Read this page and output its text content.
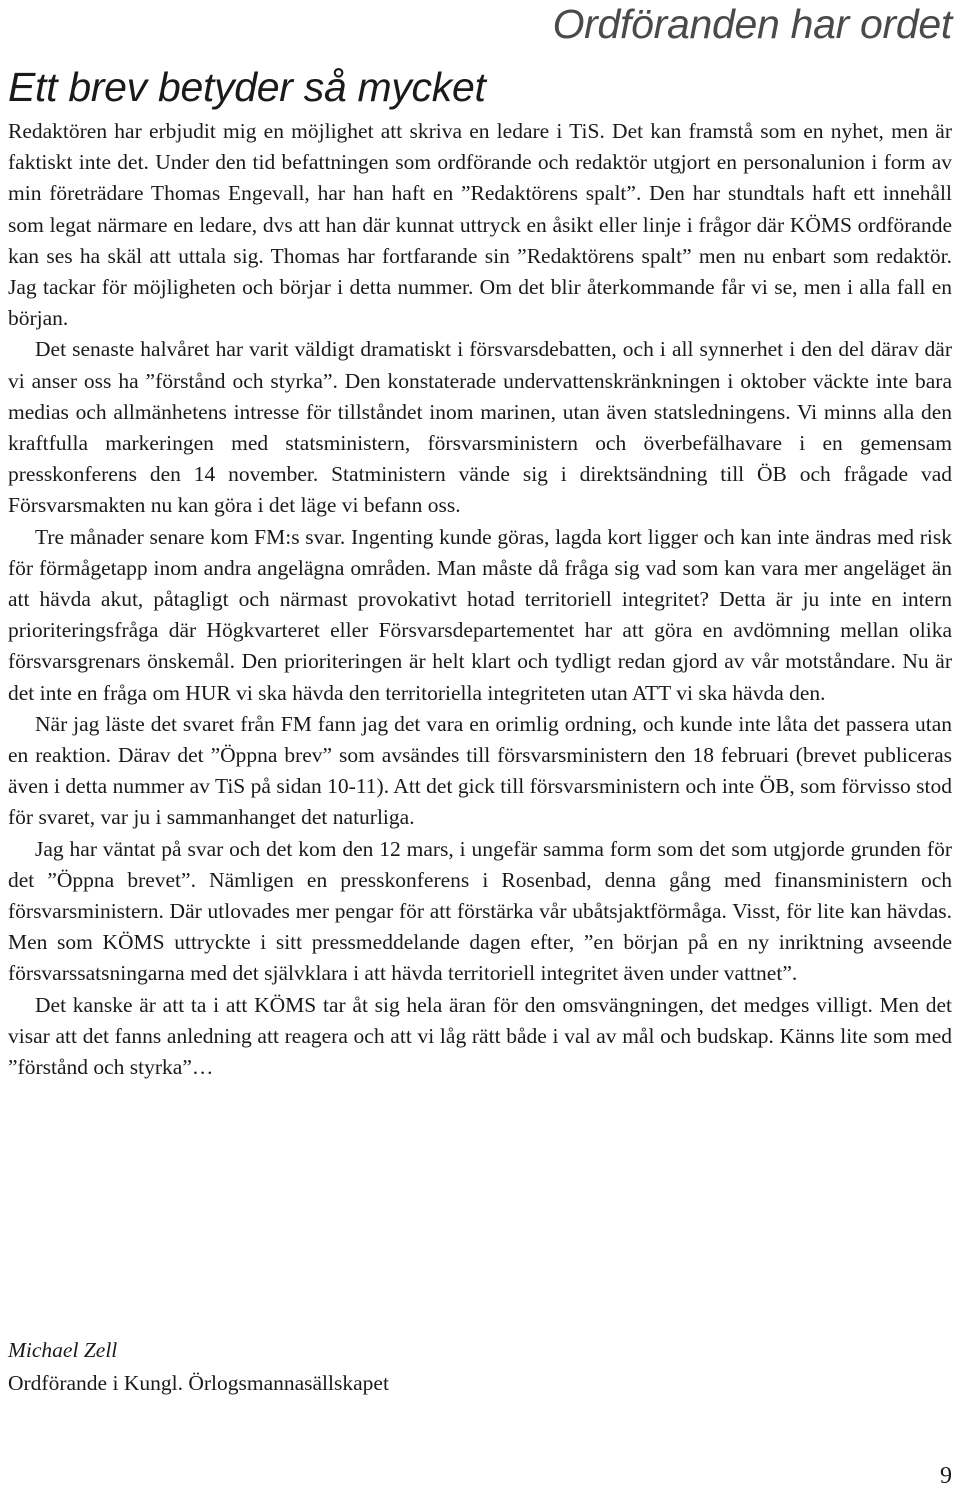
Ordföranden har ordet
Ett brev betyder så mycket

Redaktören har erbjudit mig en möjlighet att skriva en ledare i TiS. Det kan framstå som en nyhet, men är faktiskt inte det. Under den tid befattningen som ordförande och redaktör utgjort en personalunion i form av min företrädare Thomas Engevall, har han haft en ”Redaktörens spalt”. Den har stundtals haft ett innehåll som legat närmare en ledare, dvs att han där kunnat uttryck en åsikt eller linje i frågor där KÖMS ordförande kan ses ha skäl att uttala sig. Thomas har fortfarande sin ”Redaktörens spalt” men nu enbart som redaktör. Jag tackar för möjligheten och börjar i detta nummer. Om det blir återkommande får vi se, men i alla fall en början.

Det senaste halvåret har varit väldigt dramatiskt i försvarsdebatten, och i all synnerhet i den del därav där vi anser oss ha ”förstånd och styrka”. Den konstaterade undervattenskränkningen i oktober väckte inte bara medias och allmänhetens intresse för tillståndet inom marinen, utan även statsledningens. Vi minns alla den kraftfulla markeringen med statsministern, försvarsministern och överbefälhavare i en gemensam presskonferens den 14 november. Statministern vände sig i direktsändning till ÖB och frågade vad Försvarsmakten nu kan göra i det läge vi befann oss.

Tre månader senare kom FM:s svar. Ingenting kunde göras, lagda kort ligger och kan inte ändras med risk för förmågetapp inom andra angelägna områden. Man måste då fråga sig vad som kan vara mer angeläget än att hävda akut, påtagligt och närmast provokativt hotad territoriell integritet? Detta är ju inte en intern prioriteringsfråga där Högkvarteret eller Försvarsdepartementet har att göra en avdömning mellan olika försvarsgrenars önskemål. Den prioriteringen är helt klart och tydligt redan gjord av vår motståndare. Nu är det inte en fråga om HUR vi ska hävda den territoriella integriteten utan ATT vi ska hävda den.

När jag läste det svaret från FM fann jag det vara en orimlig ordning, och kunde inte låta det passera utan en reaktion. Därav det ”Öppna brev” som avsändes till försvarsministern den 18 februari (brevet publiceras även i detta nummer av TiS på sidan 10-11). Att det gick till försvarsministern och inte ÖB, som förvisso stod för svaret, var ju i sammanhanget det naturliga.

Jag har väntat på svar och det kom den 12 mars, i ungefär samma form som det som utgjorde grunden för det ”Öppna brevet”. Nämligen en presskonferens i Rosenbad, denna gång med finansministern och försvarsministern. Där utlovades mer pengar för att förstärka vår ubåtsjaktförmåga. Visst, för lite kan hävdas. Men som KÖMS uttryckte i sitt pressmeddelande dagen efter, ”en början på en ny inriktning avseende försvarssatsningarna med det självklara i att hävda territoriell integritet även under vattnet”.

Det kanske är att ta i att KÖMS tar åt sig hela äran för den omsvängningen, det medges villigt. Men det visar att det fanns anledning att reagera och att vi låg rätt både i val av mål och budskap. Känns lite som med ”förstånd och styrka”…

Michael Zell
Ordförande i Kungl. Örlogsmannasällskapet
9
